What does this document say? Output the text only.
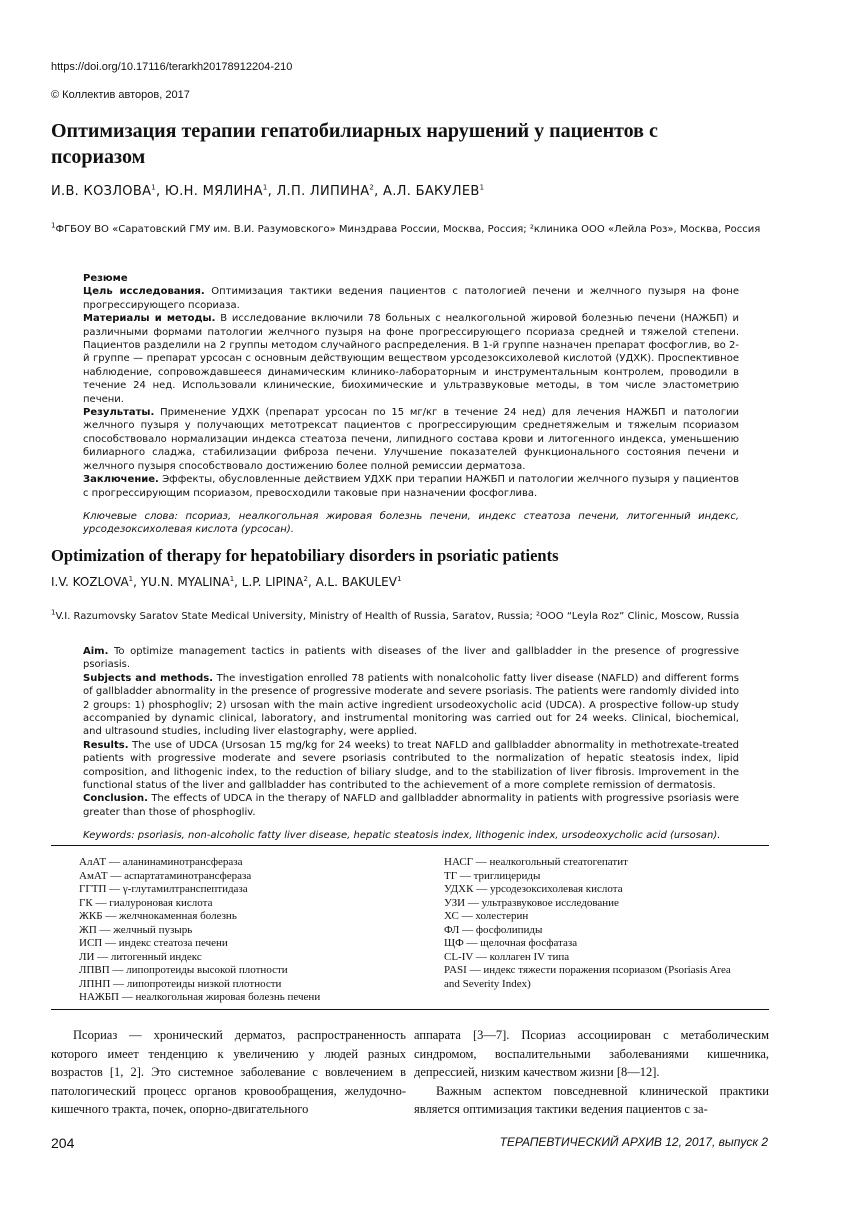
https://doi.org/10.17116/terarkh20178912204-210
© Коллектив авторов, 2017
Оптимизация терапии гепатобилиарных нарушений у пациентов с псориазом
И.В. КОЗЛОВА$^1$, Ю.Н. МЯЛИНА$^1$, Л.П. ЛИПИНА$^2$, А.Л. БАКУЛЕВ$^1$
$^1$ФГБОУ ВО «Саратовский ГМУ им. В.И. Разумовского» Минздрава России, Москва, Россия; ²клиника ООО «Лейла Роз», Москва, Россия

Резюме

Цель исследования. Оптимизация тактики ведения пациентов с патологией печени и желчного пузыря на фоне прогрессирующего псориаза.

Материалы и методы. В исследование включили 78 больных с неалкогольной жировой болезнью печени (НАЖБП) и различными формами патологии желчного пузыря на фоне прогрессирующего псориаза средней и тяжелой степени. Пациентов разделили на 2 группы методом случайного распределения. В 1-й группе назначен препарат фосфоглив, во 2-й группе — препарат урсосан с основным действующим веществом урсодезоксихолевой кислотой (УДХК). Проспективное наблюдение, сопровождавшееся динамическим клинико-лабораторным и инструментальным контролем, проводили в течение 24 нед. Использовали клинические, биохимические и ультразвуковые методы, в том числе эластометрию печени.

Результаты. Применение УДХК (препарат урсосан по 15 мг/кг в течение 24 нед) для лечения НАЖБП и патологии желчного пузыря у получающих метотрексат пациентов с прогрессирующим среднетяжелым и тяжелым псориазом способствовало нормализации индекса стеатоза печени, липидного состава крови и литогенного индекса, уменьшению билиарного сладжа, стабилизации фиброза печени. Улучшение показателей функционального состояния печени и желчного пузыря способствовало достижению более полной ремиссии дерматоза.

Заключение. Эффекты, обусловленные действием УДХК при терапии НАЖБП и патологии желчного пузыря у пациентов с прогрессирующим псориазом, превосходили таковые при назначении фосфоглива.

Ключевые слова: псориаз, неалкогольная жировая болезнь печени, индекс стеатоза печени, литогенный индекс, урсодезоксихолевая кислота (урсосан).

Optimization of therapy for hepatobiliary disorders in psoriatic patients
I.V. KOZLOVA$^1$, YU.N. MYALINA$^1$, L.P. LIPINA$^2$, A.L. BAKULEV$^1$
$^1$V.I. Razumovsky Saratov State Medical University, Ministry of Health of Russia, Saratov, Russia; ²OOO “Leyla Roz” Clinic, Moscow, Russia

Aim. To optimize management tactics in patients with diseases of the liver and gallbladder in the presence of progressive psoriasis.

Subjects and methods. The investigation enrolled 78 patients with nonalcoholic fatty liver disease (NAFLD) and different forms of gallbladder abnormality in the presence of progressive moderate and severe psoriasis. The patients were randomly divided into 2 groups: 1) phosphogliv; 2) ursosan with the main active ingredient ursodeoxycholic acid (UDCA). A prospective follow-up study accompanied by dynamic clinical, laboratory, and instrumental monitoring was carried out for 24 weeks. Clinical, biochemical, and ultrasound studies, including liver elastography, were applied.

Results. The use of UDCA (Ursosan 15 mg/kg for 24 weeks) to treat NAFLD and gallbladder abnormality in methotrexate-treated patients with progressive moderate and severe psoriasis contributed to the normalization of hepatic steatosis index, lipid composition, and lithogenic index, to the reduction of biliary sludge, and to the stabilization of liver fibrosis. Improvement in the functional status of the liver and gallbladder has contributed to the achievement of a more complete remission of dermatosis.

Conclusion. The effects of UDCA in the therapy of NAFLD and gallbladder abnormality in patients with progressive psoriasis were greater than those of phosphogliv.

Keywords: psoriasis, non-alcoholic fatty liver disease, hepatic steatosis index, lithogenic index, ursodeoxycholic acid (ursosan).

АлАТ — аланинаминотрансфераза
АмАТ — аспартатаминотрансфераза
ГГТП — γ-глутамилтранспептидаза
ГК — гиалуроновая кислота
ЖКБ — желчнокаменная болезнь
ЖП — желчный пузырь
ИСП — индекс стеатоза печени
ЛИ — литогенный индекс
ЛПВП — липопротеиды высокой плотности
ЛПНП — липопротеиды низкой плотности
НАЖБП — неалкогольная жировая болезнь печени
НАСГ — неалкогольный стеатогепатит
ТГ — триглицериды
УДХК — урсодезоксихолевая кислота
УЗИ — ультразвуковое исследование
ХС — холестерин
ФЛ — фосфолипиды
ЩФ — щелочная фосфатаза
CL-IV — коллаген IV типа
PASI — индекс тяжести поражения псориазом (Psoriasis Area
and Severity Index)

Псориаз — хронический дерматоз, распространенность которого имеет тенденцию к увеличению у людей разных возрастов [1, 2]. Это системное заболевание с вовлечением в патологический процесс органов кровообращения, желудочно-кишечного тракта, почек, опорно-двигательного

аппарата [3—7]. Псориаз ассоциирован с метаболическим синдромом, воспалительными заболеваниями кишечника, депрессией, низким качеством жизни [8—12].

Важным аспектом повседневной клинической практики является оптимизация тактики ведения пациентов с за-

204	ТЕРАПЕВТИЧЕСКИЙ АРХИВ 12, 2017, выпуск 2
